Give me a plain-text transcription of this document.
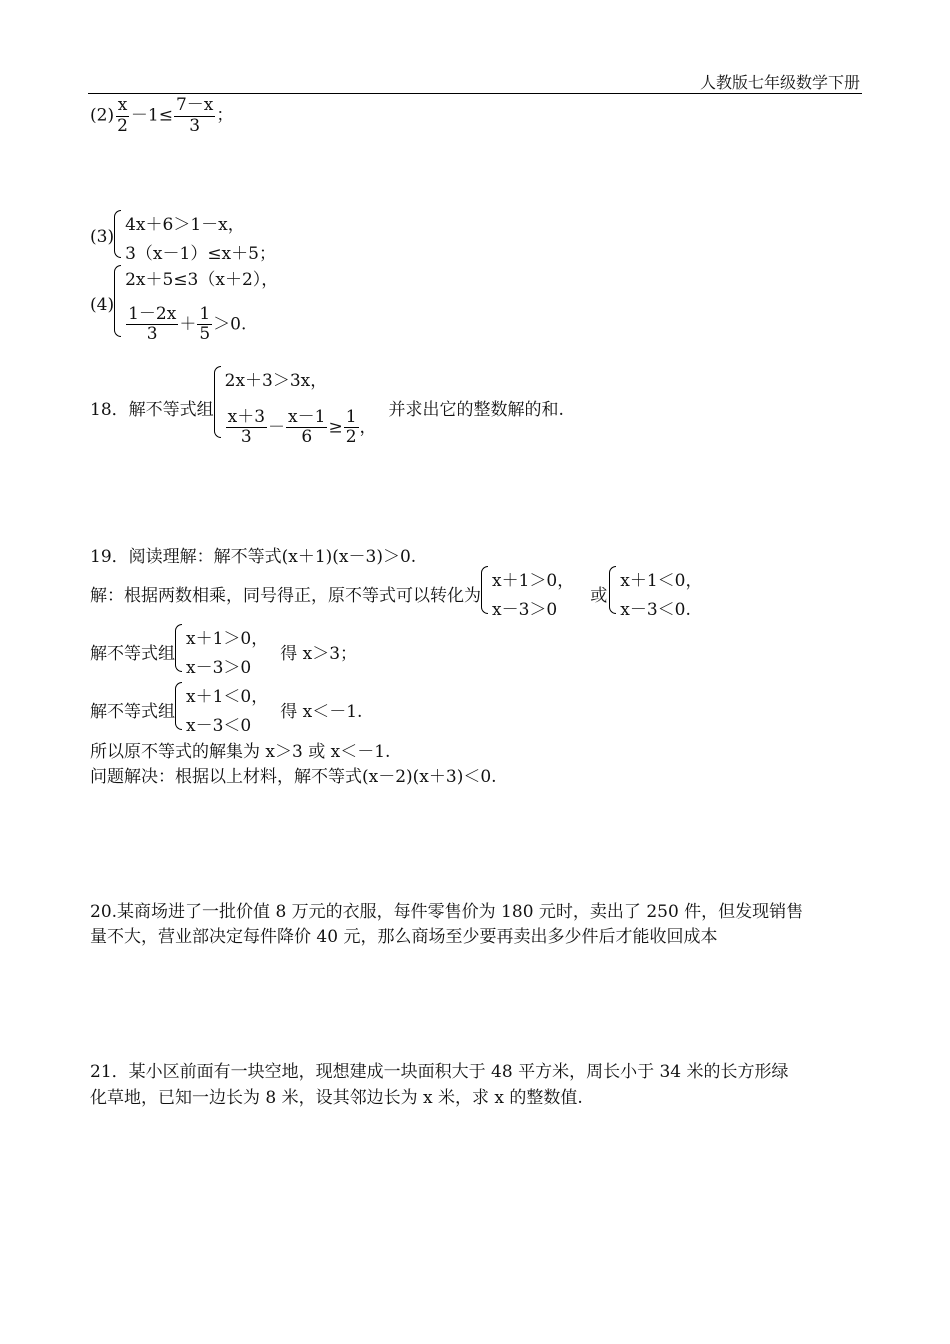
人教版七年级数学下册
$(2) \frac{x}{2} -1\le \frac{7-x}{3}$ ；
(3)
4x＋6＞1－x，
3（x－1）≤x＋5；
(4)
2x＋5≤3（x＋2），
$\frac{1-2x}{3} + \frac{1}{5} >0$.
18．解不等式组
2x＋3＞3x，
$\frac{x+3}{3} - \frac{x-1}{6} \ge \frac{1}{2}$ ，
并求出它的整数解的和.
19．阅读理解：解不等式(x＋1)(x－3)＞0.
解：根据两数相乘，同号得正，原不等式可以转化为
x＋1＞0，
x－3＞0
或
x＋1＜0，
x－3＜0.
解不等式组
x＋1＞0，
x－3＞0
得 x＞3；
解不等式组
x＋1＜0，
x－3＜0
得 x＜－1.
所以原不等式的解集为 x＞3 或 x＜－1.
问题解决：根据以上材料，解不等式(x－2)(x＋3)＜0.
20.某商场进了一批价值 8 万元的衣服，每件零售价为 180 元时，卖出了 250 件，但发现销售
量不大，营业部决定每件降价 40 元，那么商场至少要再卖出多少件后才能收回成本
21．某小区前面有一块空地，现想建成一块面积大于 48 平方米，周长小于 34 米的长方形绿
化草地，已知一边长为 8 米，设其邻边长为 x 米，求 x 的整数值.
